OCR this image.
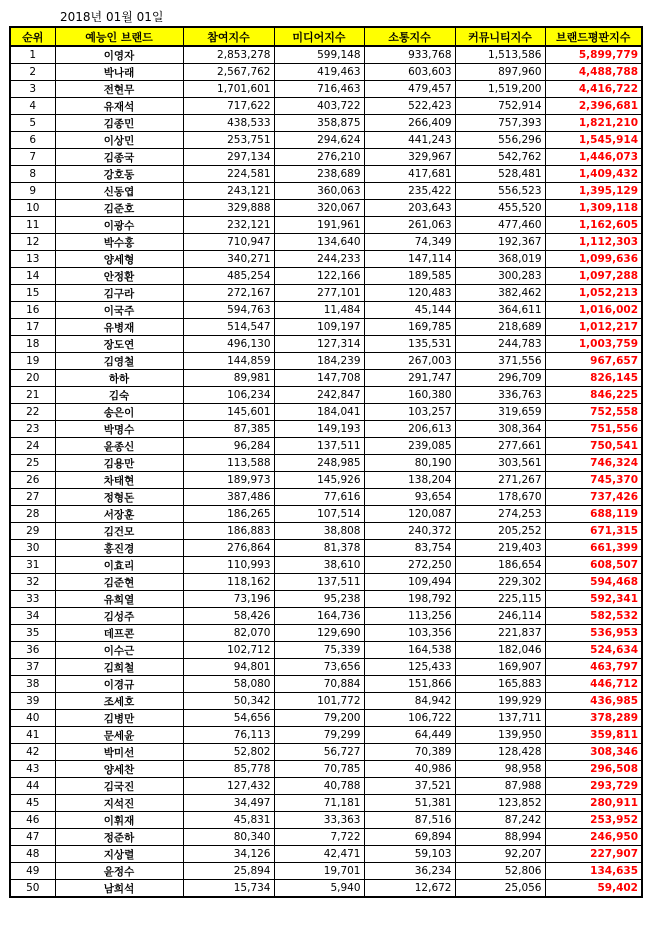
2018년 01월 01일
순위	예능인 브랜드	참여지수	미디어지수	소통지수	커뮤니티지수	브랜드평판지수
1	이영자	2,853,278	599,148	933,768	1,513,586	5,899,779
2	박나래	2,567,762	419,463	603,603	897,960	4,488,788
3	전현무	1,701,601	716,463	479,457	1,519,200	4,416,722
4	유재석	717,622	403,722	522,423	752,914	2,396,681
5	김종민	438,533	358,875	266,409	757,393	1,821,210
6	이상민	253,751	294,624	441,243	556,296	1,545,914
7	김종국	297,134	276,210	329,967	542,762	1,446,073
8	강호동	224,581	238,689	417,681	528,481	1,409,432
9	신동엽	243,121	360,063	235,422	556,523	1,395,129
10	김준호	329,888	320,067	203,643	455,520	1,309,118
11	이광수	232,121	191,961	261,063	477,460	1,162,605
12	박수홍	710,947	134,640	74,349	192,367	1,112,303
13	양세형	340,271	244,233	147,114	368,019	1,099,636
14	안정환	485,254	122,166	189,585	300,283	1,097,288
15	김구라	272,167	277,101	120,483	382,462	1,052,213
16	이국주	594,763	11,484	45,144	364,611	1,016,002
17	유병재	514,547	109,197	169,785	218,689	1,012,217
18	장도연	496,130	127,314	135,531	244,783	1,003,759
19	김영철	144,859	184,239	267,003	371,556	967,657
20	하하	89,981	147,708	291,747	296,709	826,145
21	김숙	106,234	242,847	160,380	336,763	846,225
22	송은이	145,601	184,041	103,257	319,659	752,558
23	박명수	87,385	149,193	206,613	308,364	751,556
24	윤종신	96,284	137,511	239,085	277,661	750,541
25	김용만	113,588	248,985	80,190	303,561	746,324
26	차태현	189,973	145,926	138,204	271,267	745,370
27	정형돈	387,486	77,616	93,654	178,670	737,426
28	서장훈	186,265	107,514	120,087	274,253	688,119
29	김건모	186,883	38,808	240,372	205,252	671,315
30	홍진경	276,864	81,378	83,754	219,403	661,399
31	이효리	110,993	38,610	272,250	186,654	608,507
32	김준현	118,162	137,511	109,494	229,302	594,468
33	유희열	73,196	95,238	198,792	225,115	592,341
34	김성주	58,426	164,736	113,256	246,114	582,532
35	데프콘	82,070	129,690	103,356	221,837	536,953
36	이수근	102,712	75,339	164,538	182,046	524,634
37	김희철	94,801	73,656	125,433	169,907	463,797
38	이경규	58,080	70,884	151,866	165,883	446,712
39	조세호	50,342	101,772	84,942	199,929	436,985
40	김병만	54,656	79,200	106,722	137,711	378,289
41	문세윤	76,113	79,299	64,449	139,950	359,811
42	박미선	52,802	56,727	70,389	128,428	308,346
43	양세찬	85,778	70,785	40,986	98,958	296,508
44	김국진	127,432	40,788	37,521	87,988	293,729
45	지석진	34,497	71,181	51,381	123,852	280,911
46	이휘재	45,831	33,363	87,516	87,242	253,952
47	정준하	80,340	7,722	69,894	88,994	246,950
48	지상렬	34,126	42,471	59,103	92,207	227,907
49	윤정수	25,894	19,701	36,234	52,806	134,635
50	남희석	15,734	5,940	12,672	25,056	59,402
